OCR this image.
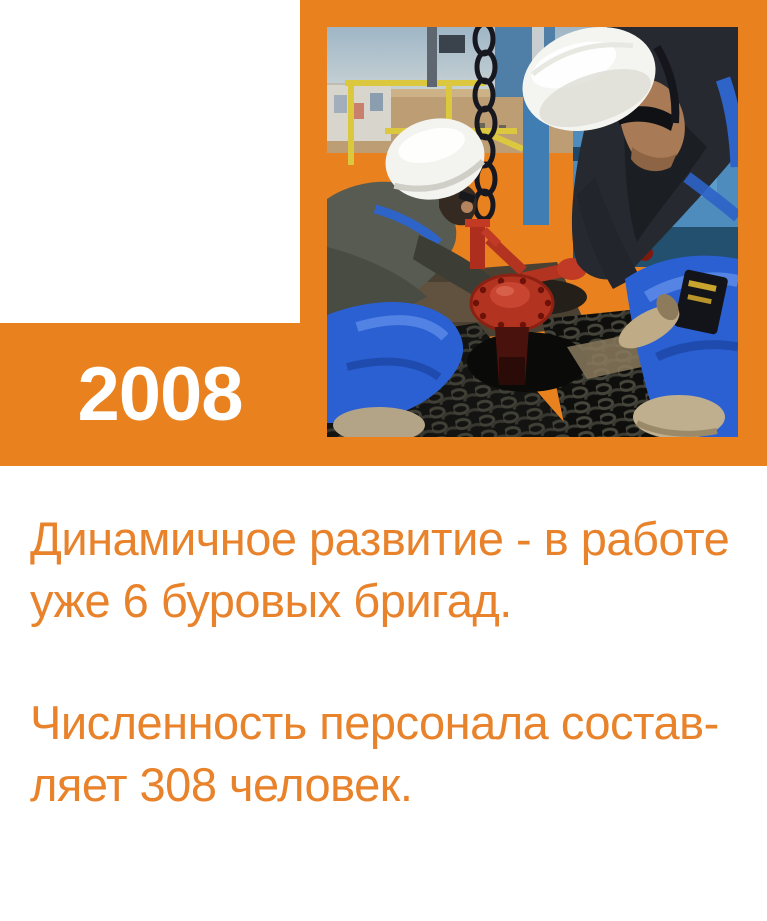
2008
Динамичное развитие - в работе
уже 6 буровых бригад.
Численность персонала состав-
ляет 308 человек.
